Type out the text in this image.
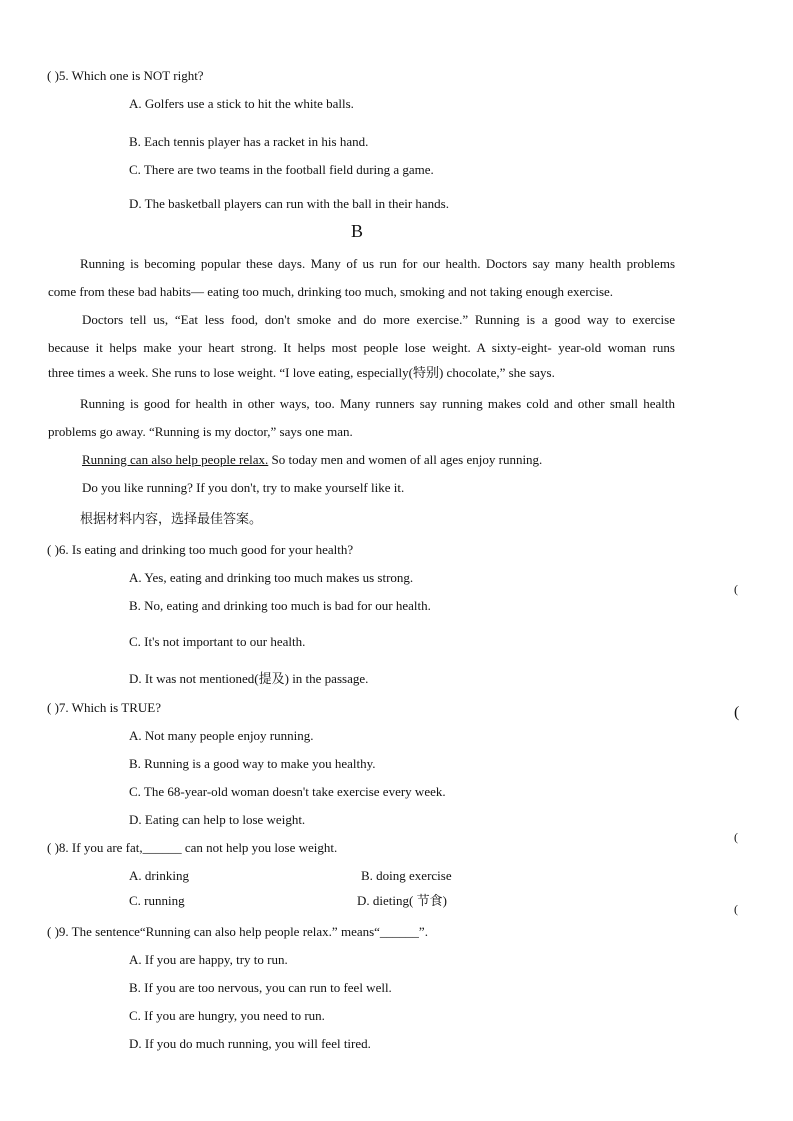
( )5. Which one is NOT right?
A. Golfers use a stick to hit the white balls.
B. Each tennis player has a racket in his hand.
C. There are two teams in the football field during a game.
D. The basketball players can run with the ball in their hands.
B
Running is becoming popular these days. Many of us run for our health. Doctors say many health problems
come from these bad habits— eating too much, drinking too much, smoking and not taking enough exercise.
Doctors tell us, “Eat less food, don't smoke and do more exercise.” Running is a good way to exercise
because it helps make your heart strong. It helps most people lose weight. A sixty-eight- year-old woman runs
three times a week. She runs to lose weight. “I love eating, especially(特别) chocolate,” she says.
Running is good for health in other ways, too. Many runners say running makes cold and other small health
problems go away. “Running is my doctor,” says one man.
Running can also help people relax. So today men and women of all ages enjoy running.
Do you like running? If you don't, try to make yourself like it.
根据材料内容，选择最佳答案。
( )6. Is eating and drinking too much good for your health?
A. Yes, eating and drinking too much makes us strong.
B. No, eating and drinking too much is bad for our health.
C. It's not important to our health.
D. It was not mentioned(提及) in the passage.
( )7. Which is TRUE?
A. Not many people enjoy running.
B. Running is a good way to make you healthy.
C. The 68-year-old woman doesn't take exercise every week.
D. Eating can help to lose weight.
( )8. If you are fat,______ can not help you lose weight.
A. drinking	B. doing exercise
C. running	D. dieting( 节食)
( )9. The sentence“Running can also help people relax.” means“______”.
A. If you are happy, try to run.
B. If you are too nervous, you can run to feel well.
C. If you are hungry, you need to run.
D. If you do much running, you will feel tired.
(
(
(
(
